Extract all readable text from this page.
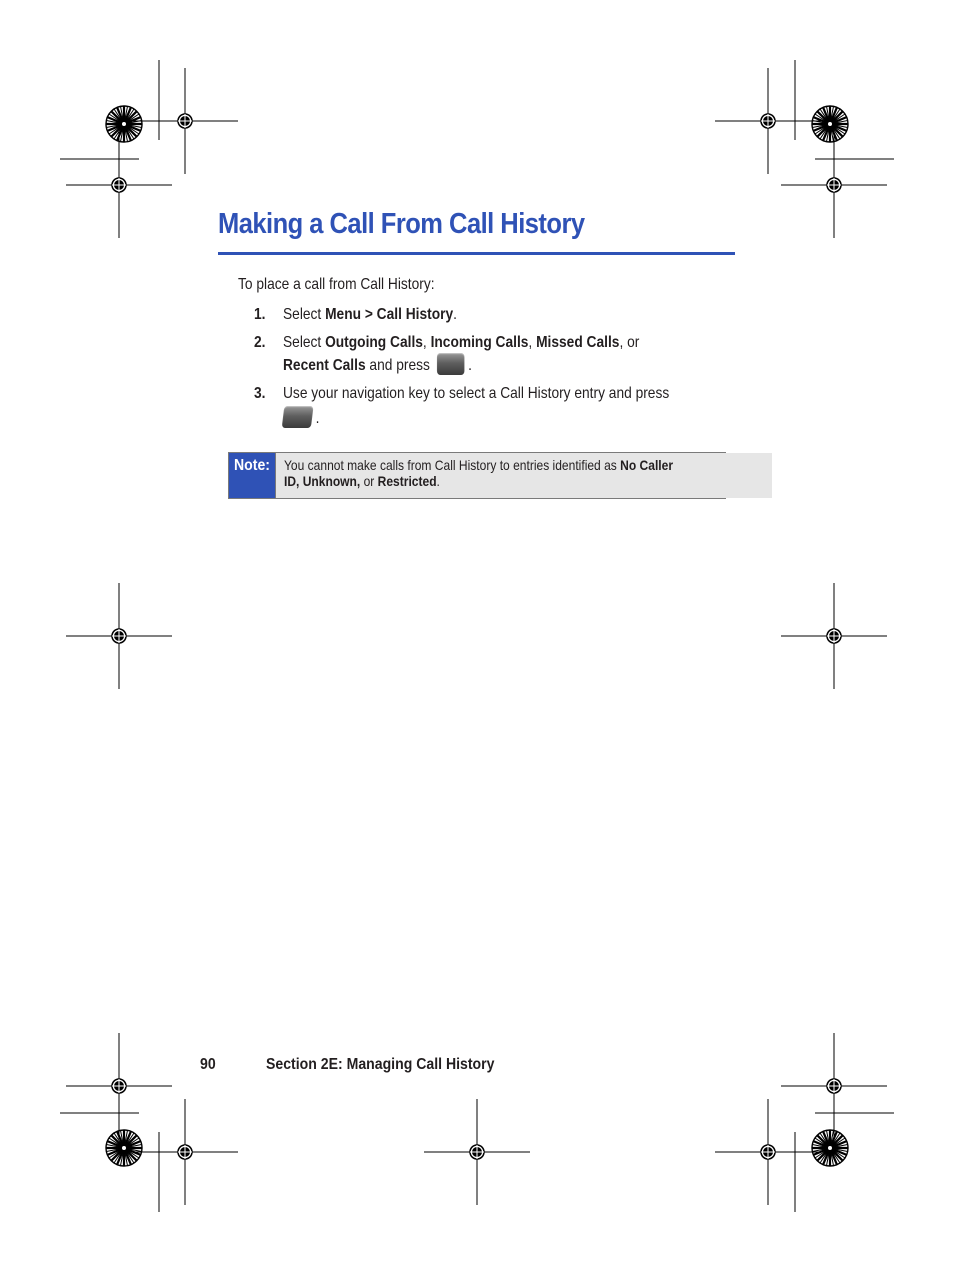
Making a Call From Call History
To place a call from Call History:
1. Select Menu > Call History.
2. Select Outgoing Calls, Incoming Calls, Missed Calls, or
Recent Calls and press .
3. Use your navigation key to select a Call History entry and press
.
Note: You cannot make calls from Call History to entries identified as No Caller
ID, Unknown, or Restricted.
90	Section 2E: Managing Call History
